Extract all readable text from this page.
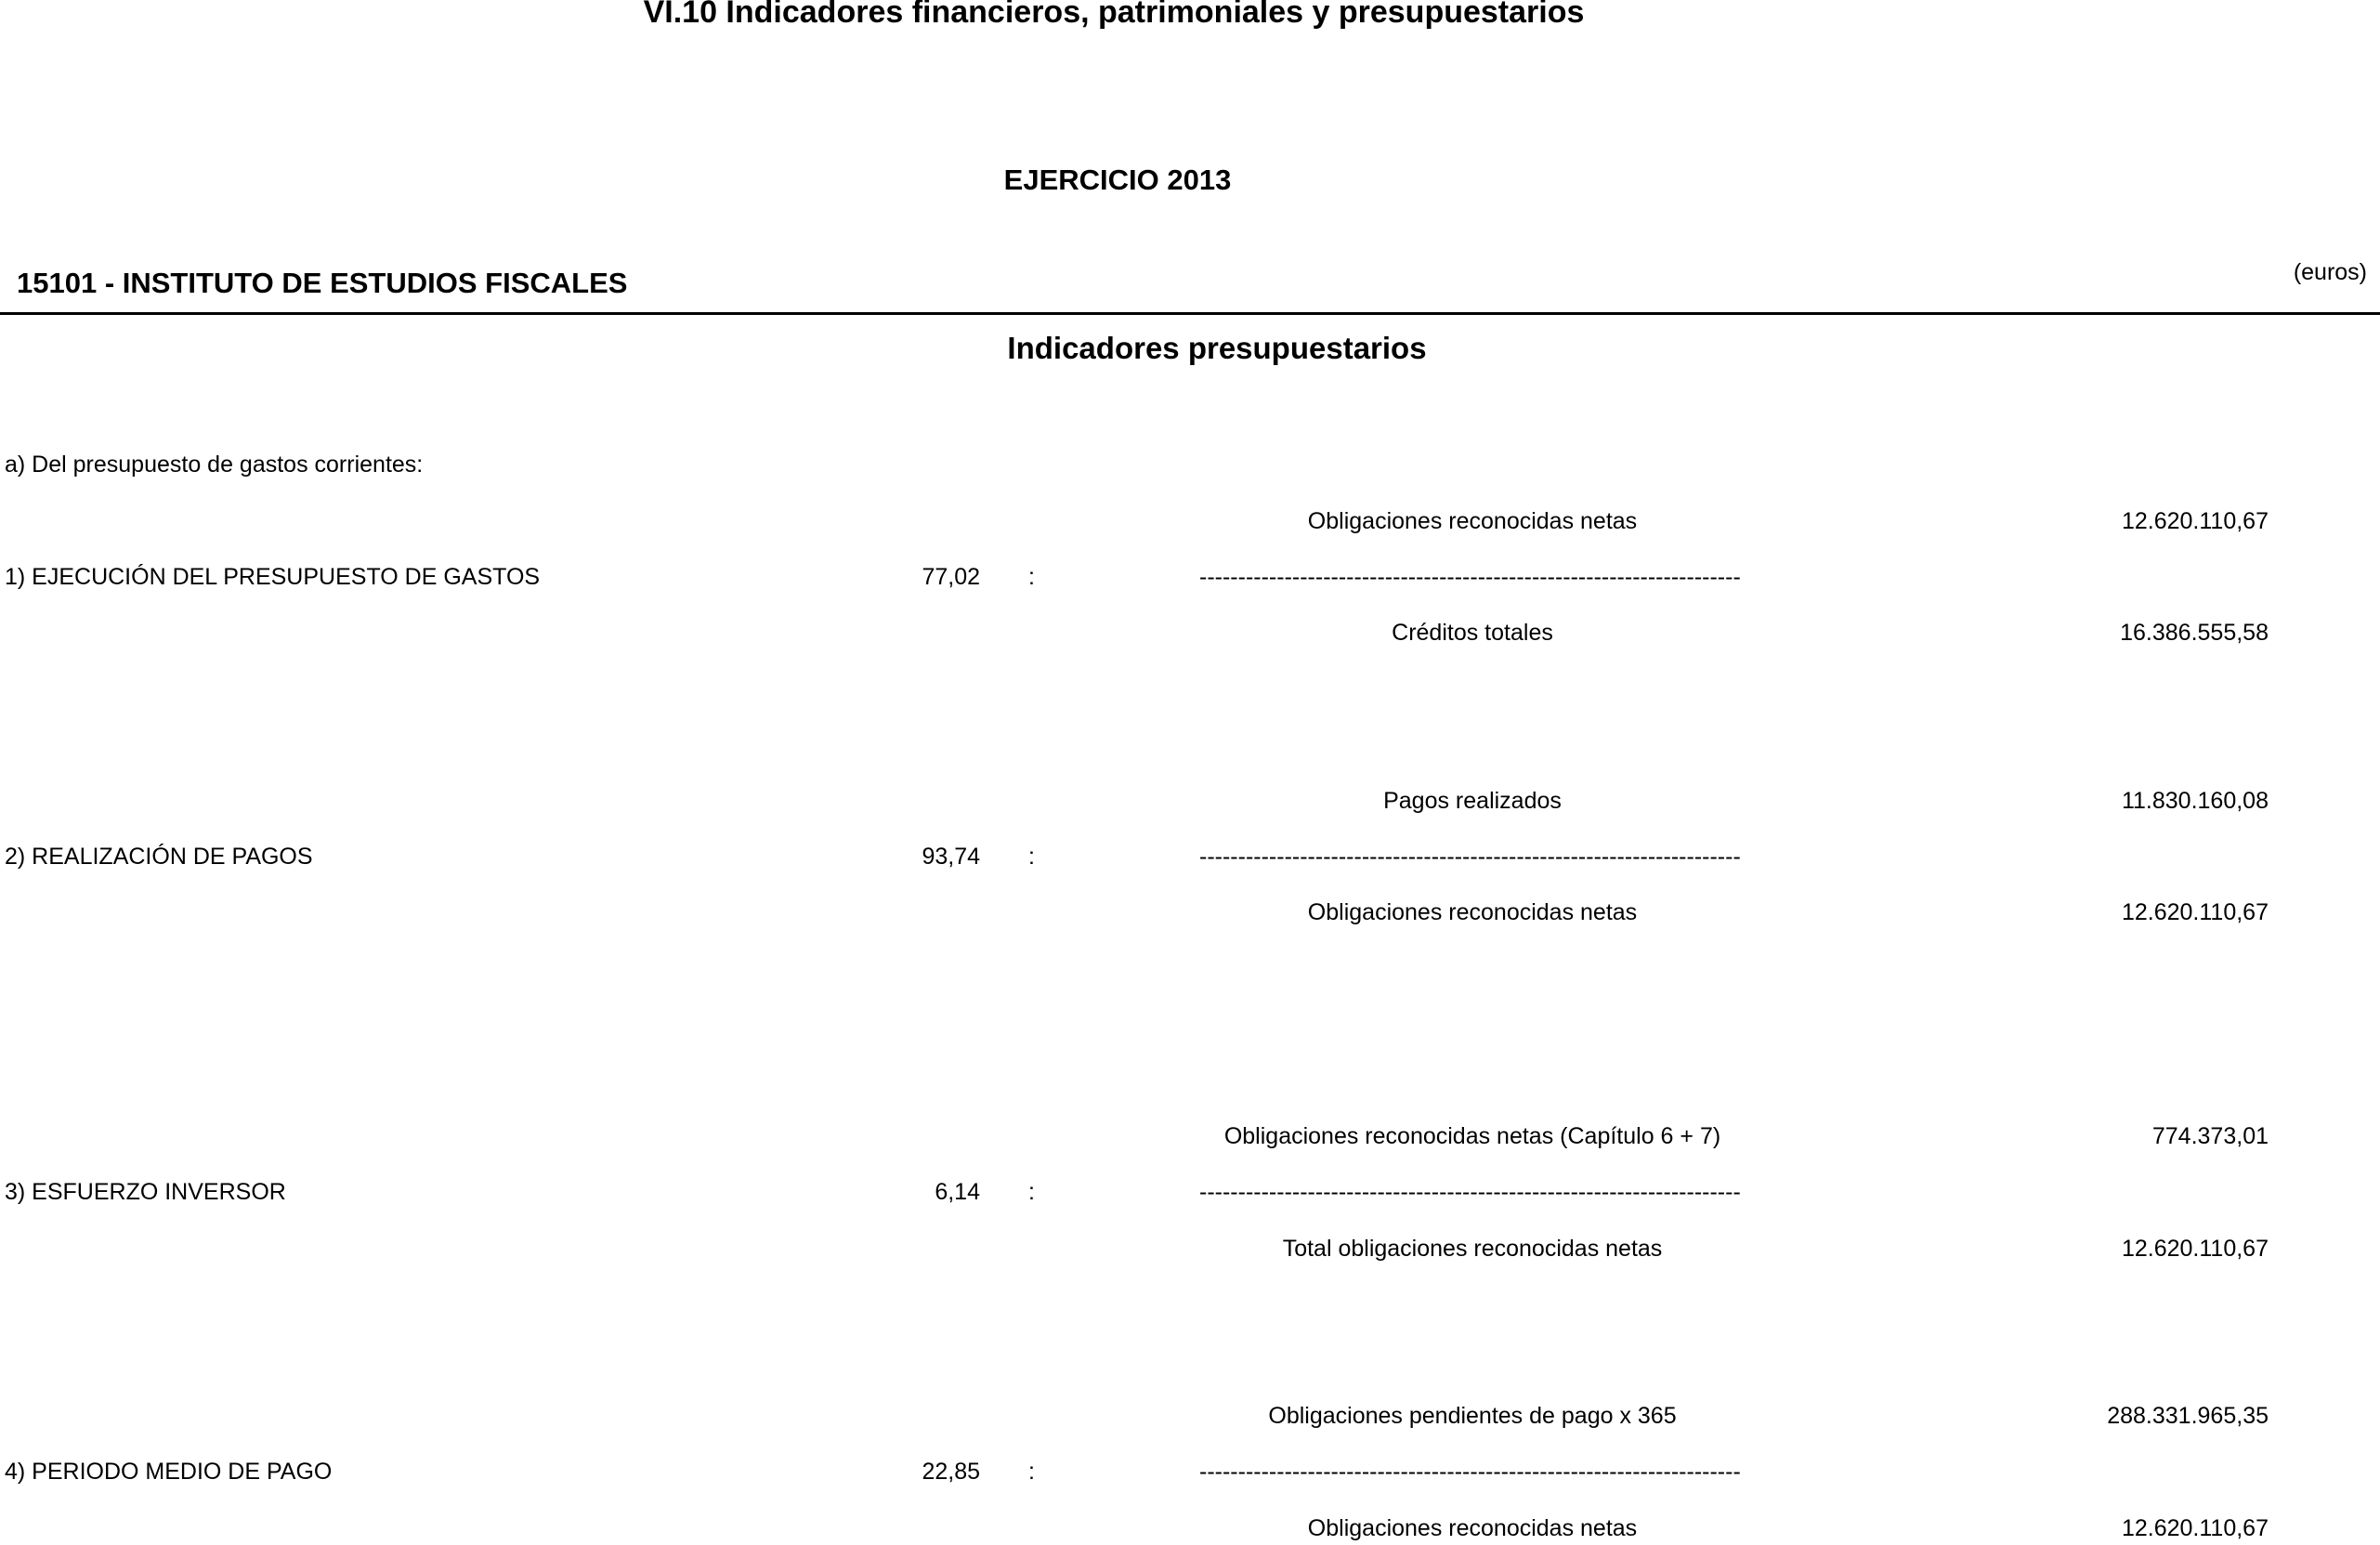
VI.10 Indicadores financieros, patrimoniales y presupuestarios
EJERCICIO 2013
15101 - INSTITUTO DE ESTUDIOS FISCALES	(euros)
Indicadores presupuestarios
a) Del presupuesto de gastos corrientes:
Obligaciones reconocidas netas	12.620.110,67
1) EJECUCIÓN DEL PRESUPUESTO DE GASTOS	77,02 :	----------------------------------------------------------------------
Créditos totales	16.386.555,58
Pagos realizados	11.830.160,08
2) REALIZACIÓN DE PAGOS	93,74 :	----------------------------------------------------------------------
Obligaciones reconocidas netas	12.620.110,67
Obligaciones reconocidas netas (Capítulo 6 + 7)	774.373,01
3) ESFUERZO INVERSOR	6,14 :	----------------------------------------------------------------------
Total obligaciones reconocidas netas	12.620.110,67
Obligaciones pendientes de pago x 365	288.331.965,35
4) PERIODO MEDIO DE PAGO	22,85 :	----------------------------------------------------------------------
Obligaciones reconocidas netas	12.620.110,67
